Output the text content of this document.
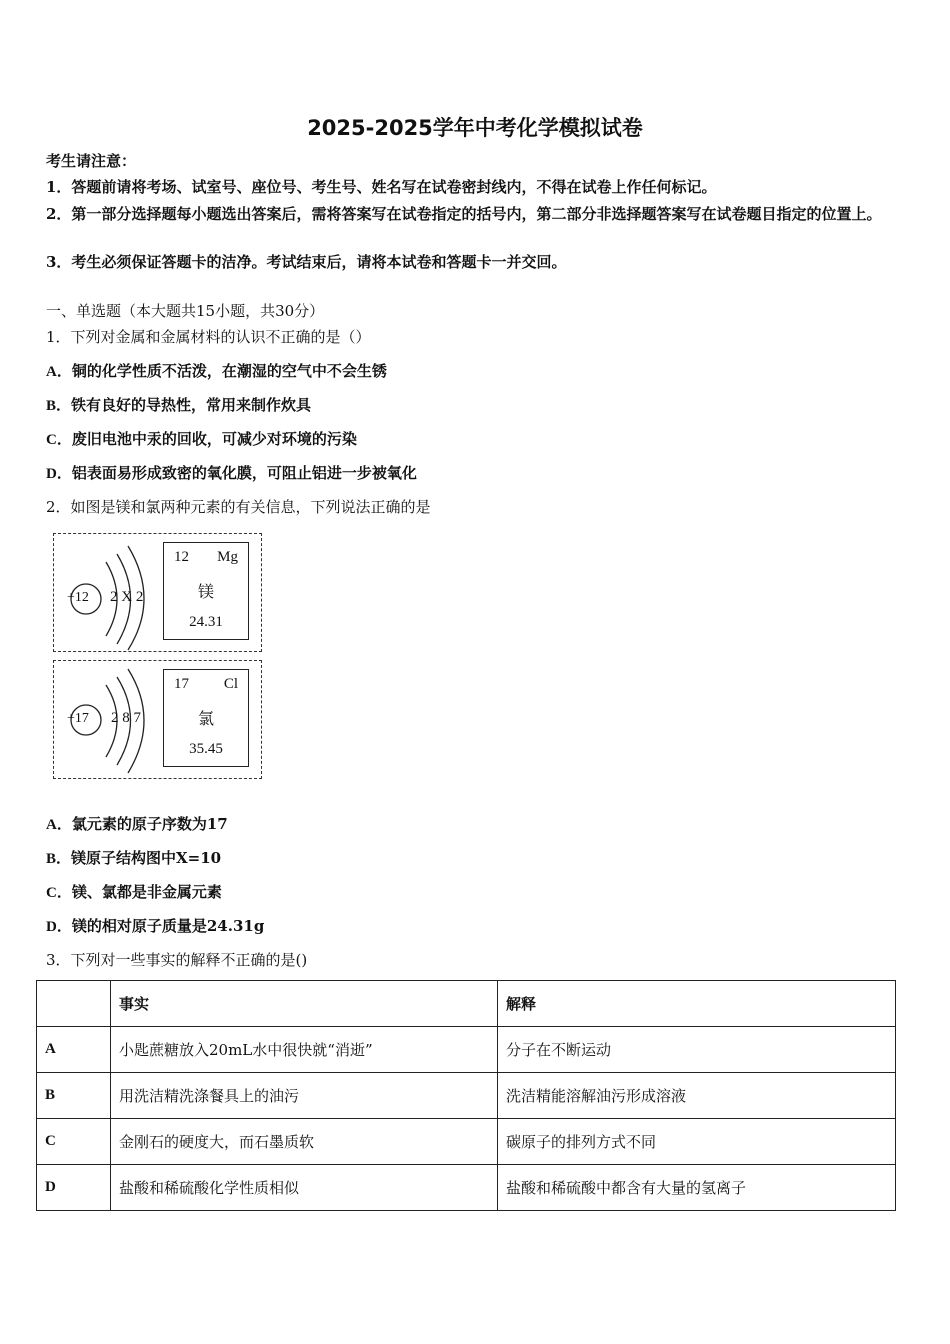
2025-2025学年中考化学模拟试卷
考生请注意：
1．答题前请将考场、试室号、座位号、考生号、姓名写在试卷密封线内，不得在试卷上作任何标记。
2．第一部分选择题每小题选出答案后，需将答案写在试卷指定的括号内，第二部分非选择题答案写在试卷题目指定的位置上。
3．考生必须保证答题卡的洁净。考试结束后，请将本试卷和答题卡一并交回。
一、单选题（本大题共15小题，共30分）
1．下列对金属和金属材料的认识不正确的是（）
A．铜的化学性质不活泼，在潮湿的空气中不会生锈
B．铁有良好的导热性，常用来制作炊具
C．废旧电池中汞的回收，可减少对环境的污染
D．铝表面易形成致密的氧化膜，可阻止铝进一步被氧化
2．如图是镁和氯两种元素的有关信息，下列说法正确的是
+12 2 X 2
12 Mg
镁
24.31
+17 2 8 7
17 Cl
氯
35.45
A．氯元素的原子序数为17
B．镁原子结构图中X=10
C．镁、氯都是非金属元素
D．镁的相对原子质量是24.31g
3．下列对一些事实的解释不正确的是()
	事实	解释
A	小匙蔗糖放入20mL水中很快就“消逝”	分子在不断运动
B	用洗洁精洗涤餐具上的油污	洗洁精能溶解油污形成溶液
C	金刚石的硬度大，而石墨质软	碳原子的排列方式不同
D	盐酸和稀硫酸化学性质相似	盐酸和稀硫酸中都含有大量的氢离子
